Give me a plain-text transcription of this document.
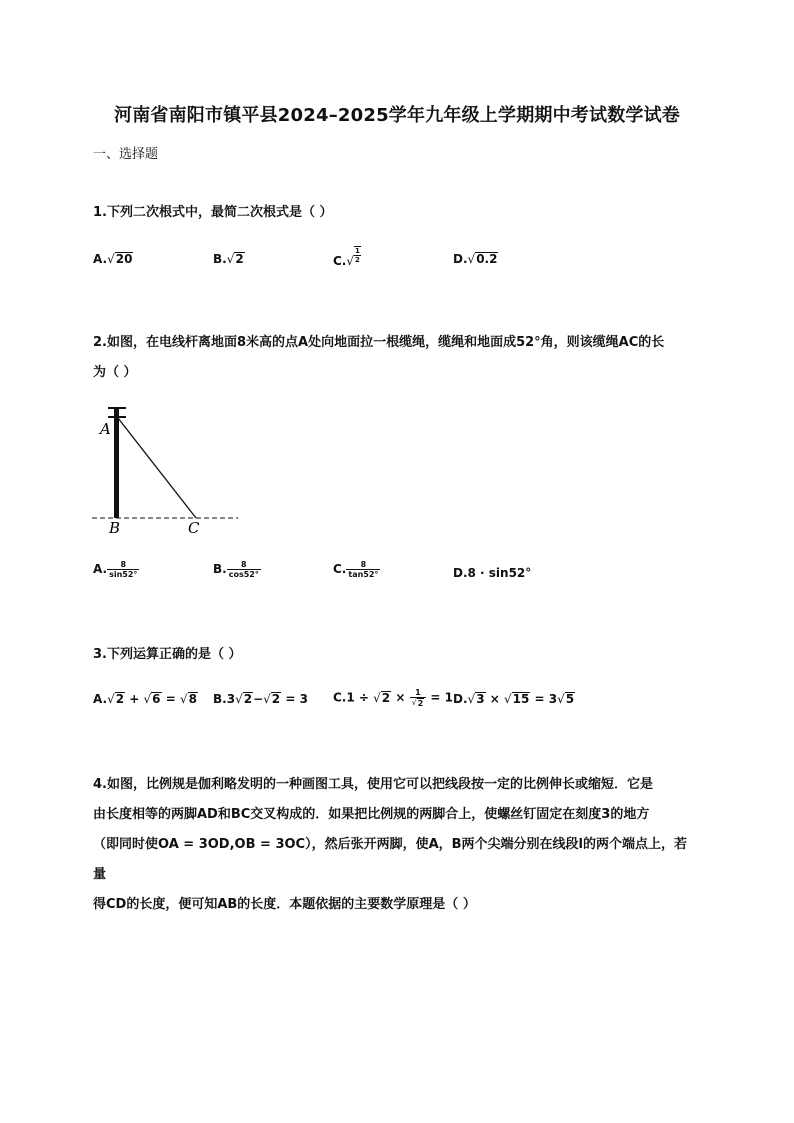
河南省南阳市镇平县2024–2025学年九年级上学期期中考试数学试卷
一、选择题
1.下列二次根式中，最简二次根式是（ ）
A. √ 20	B. √ 2	C. √ $\frac{1}{2}$	D. √ 0.2
2.如图，在电线杆离地面8米高的点A处向地面拉一根缆绳，缆绳和地面成52°角，则该缆绳AC的长
为（ ）
A
B	C
A. $\frac{8}{\sin 52^\circ}$	B. $\frac{8}{\cos 52^\circ}$	C. $\frac{8}{\tan 52^\circ}$	D.8 · sin52°
3.下列运算正确的是（ ）
A. √ 2 + √ 6 = √ 8 B.3 √ 2 − √ 2 = 3 C.1 ÷ √ $2 \times \frac{1}{√ 2} = 1$ D. √ 3 × √ 15 = 3 √ 5
4.如图，比例规是伽利略发明的一种画图工具，使用它可以把线段按一定的比例伸长或缩短．它是
由长度相等的两脚AD和BC交叉构成的．如果把比例规的两脚合上，使螺丝钉固定在刻度3的地方
（即同时使OA = 3OD,OB = 3OC），然后张开两脚，使A，B两个尖端分别在线段l的两个端点上，若量
得CD的长度，便可知AB的长度．本题依据的主要数学原理是（ ）
